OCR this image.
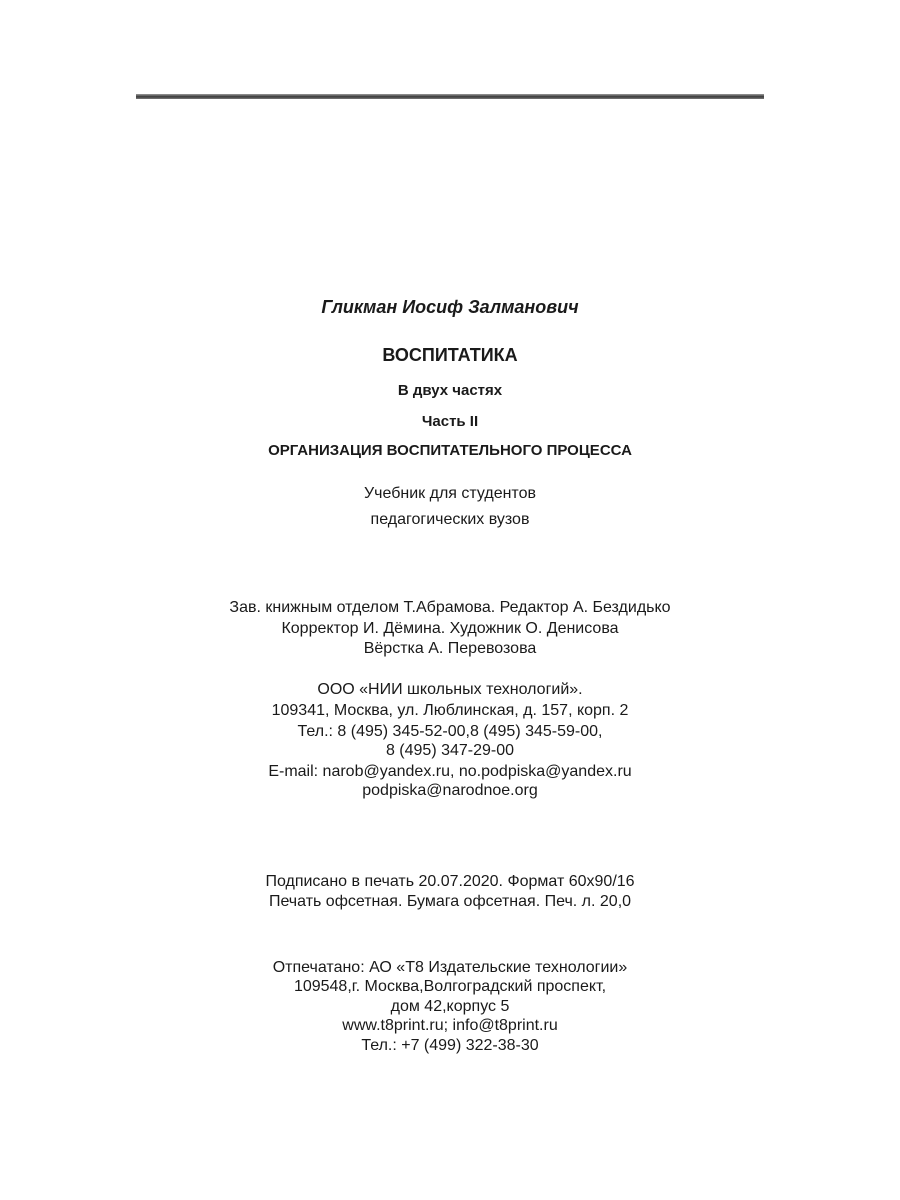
Гликман Иосиф Залманович
ВОСПИТАТИКА
В двух частях
Часть II
ОРГАНИЗАЦИЯ ВОСПИТАТЕЛЬНОГО ПРОЦЕССА
Учебник для студентов
педагогических вузов
Зав. книжным отделом Т.Абрамова. Редактор А. Бездидько
Корректор И. Дёмина. Художник О. Денисова
Вёрстка А. Перевозова
ООО «НИИ школьных технологий».
109341, Москва, ул. Люблинская, д. 157, корп. 2
Тел.: 8 (495) 345-52-00,8 (495) 345-59-00,
8 (495) 347-29-00
E-mail: narob@yandex.ru, no.podpiska@yandex.ru
podpiska@narodnoe.org
Подписано в печать 20.07.2020. Формат 60x90/16
Печать офсетная. Бумага офсетная. Печ. л. 20,0
Отпечатано: АО «Т8 Издательские технологии»
109548,г. Москва,Волгоградский проспект,
дом 42,корпус 5
www.t8print.ru; info@t8print.ru
Тел.: +7 (499) 322-38-30
